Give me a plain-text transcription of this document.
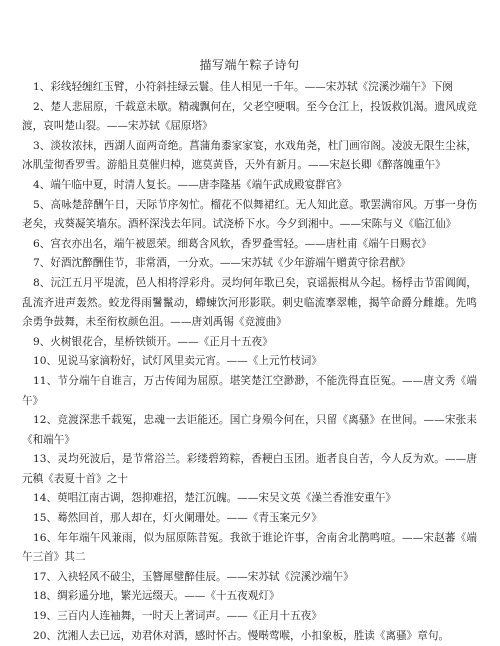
描写端午粽子诗句
1、彩线轻缠红玉臂，小符斜挂绿云鬟。佳人相见一千年。——宋苏轼《浣溪沙端午》下阕
2、楚人悲屈原，千载意未歇。精魂飘何在，父老空哽咽。至今仓江上，投饭救饥渴。遗风成竞渡，哀叫楚山裂。——宋苏轼《屈原塔》
3、淡妆浓抹，西湖人面两奇绝。菖蒲角黍家家宴，水戏角尧，杜门画帘阁。凌波无限生尘袜，冰肌莹彻香罗雪。游船且莫催归棹，遮莫黄昏，天外有新月。——宋赵长卿《醉落魄重午》
4、端午临中夏，时清人复长。——唐李隆基《端午武成殿宴群官》
5、高咏楚辞酬午日，天际节序匆忙。榴花不似舞裙红。无人知此意。歌罢满帘风。万事一身伤老矣，戎葵凝笑墙东。酒杯深浅去年同。试浇桥下水。今夕到湘中。——宋陈与义《临江仙》
6、宫衣亦出名，端午被恩荣。细葛含风软，香罗叠雪轻。——唐杜甫《端午日赐衣》
7、好酒沈醉酬佳节，非常酒，一分欢。——宋苏轼《少年游端午赠黄守徐君猷》
8、沅江五月平堤流，邑人相将浮彩舟。灵均何年歌已矣，哀谣振楫从今起。杨桴击节雷阗阗，乱流齐进声轰然。蛟龙得雨鬐鬣动，螮蝀饮河形影联。刺史临流搴翠帷，揭竿命爵分雌雄。先鸣余勇争鼓舞，未至衔枚颜色沮。——唐刘禹锡《竞渡曲》
9、火树银花合，星桥铁锁开。——《正月十五夜》
10、见说马家滴粉好，试灯风里卖元宵。——《上元竹枝词》
11、节分端午自谁言，万古传闻为屈原。堪笑楚江空渺渺，不能洗得直臣冤。——唐文秀《端午》
12、竞渡深悲千载冤，忠魂一去讵能还。国亡身殒今何在，只留《离骚》在世间。——宋张耒《和端午》
13、灵均死波后，是节常浴兰。彩缕碧筠粽，香粳白玉团。逝者良自苦，今人反为欢。——唐元稹《表夏十首》之十
14、萸唱江南古调，怨抑难招，楚江沉魄。——宋吴文英《澡兰香淮安重午》
15、蓦然回首，那人却在，灯火阑珊处。——《青玉案元夕》
16、年年端午风兼雨，似为屈原陈昔冤。我欲于谁论许事，舍南舍北鹊鸣喧。——宋赵蕃《端午三首》其二
17、入袂轻风不破尘，玉簪犀璧醉佳辰。——宋苏轼《浣溪沙端午》
18、绸彩遥分地，繁光远缀天。——《十五夜观灯》
19、三百内人连袖舞，一时天上著词声。——《正月十五夜》
20、沈湘人去已远，劝君休对酒，感时怀古。慢啭莺喉，小扣象板，胜读《离骚》章句。
